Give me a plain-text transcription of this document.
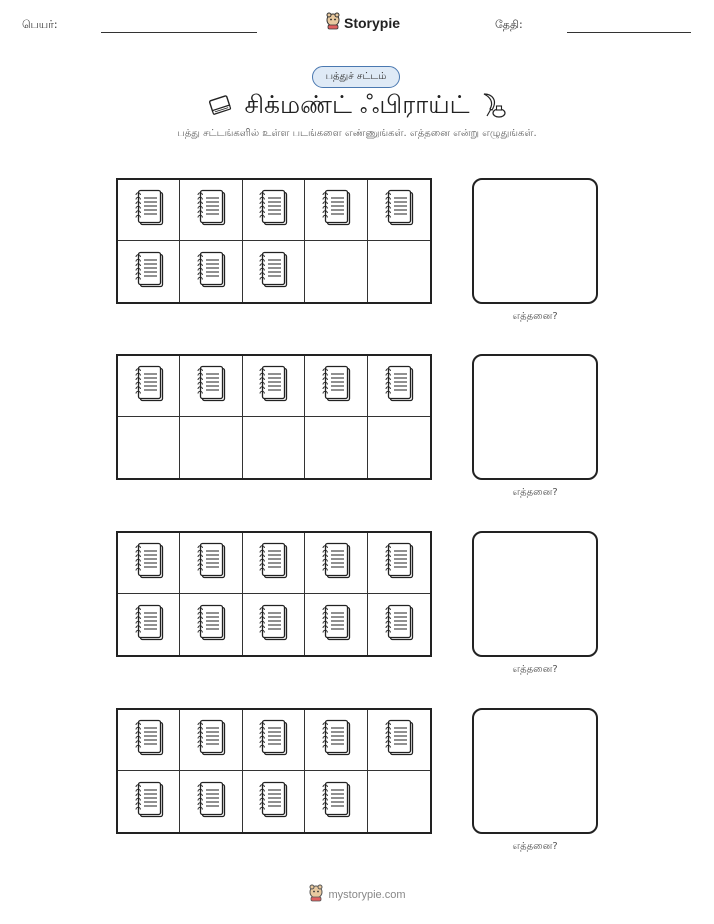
பெயர்:	Storypie	தேதி:
பத்துச் சட்டம்
சிக்மண்ட் ஃபிராய்ட்
பத்து சட்டங்களில் உள்ள படங்களை எண்ணுங்கள். எத்தனை என்று எழுதுங்கள்.
எத்தனை?
எத்தனை?
எத்தனை?
எத்தனை?
mystorypie.com
